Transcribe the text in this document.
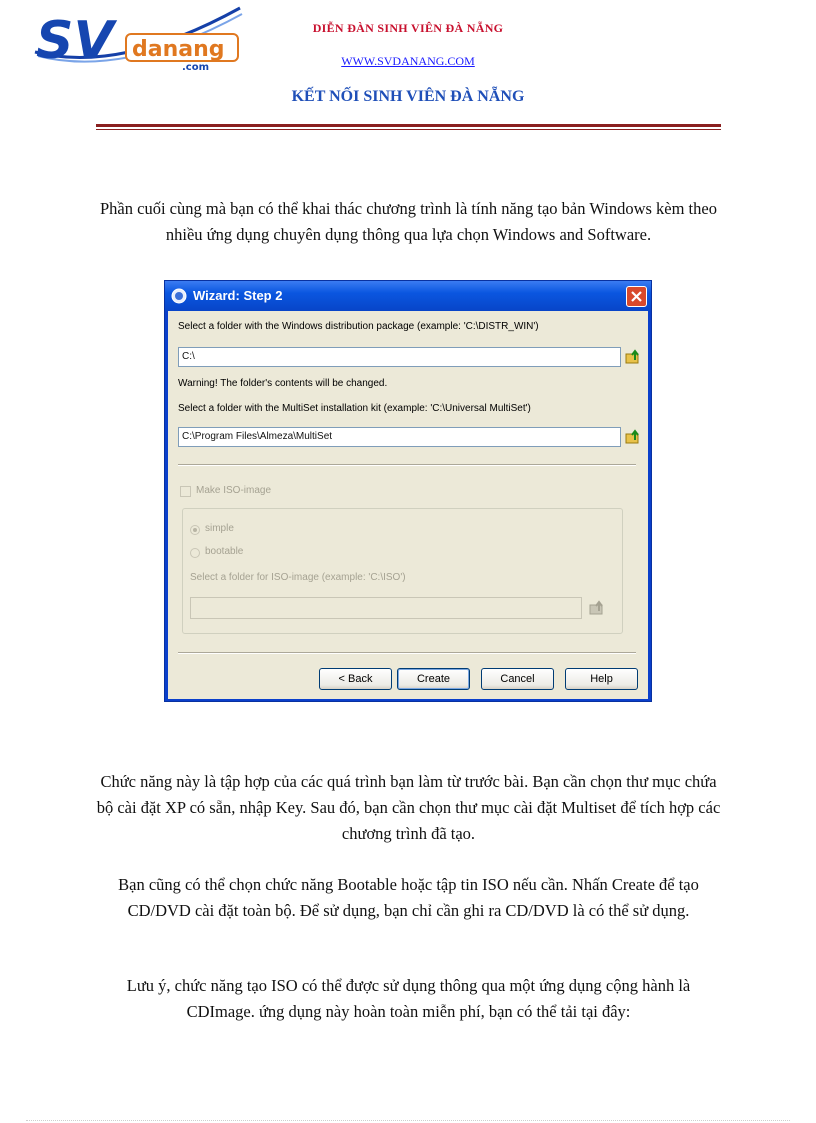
SV danang
.com
DIỄN ĐÀN SINH VIÊN ĐÀ NẴNG
WWW.SVDANANG.COM
KẾT NỐI SINH VIÊN ĐÀ NẴNG
Phần cuối cùng mà bạn có thể khai thác chương trình là tính năng tạo bản Windows kèm theo nhiều ứng dụng chuyên dụng thông qua lựa chọn Windows and Software.
Wizard: Step 2
Select a folder with the Windows distribution package (example: 'C:\DISTR_WIN')
C:\
Warning! The folder's contents will be changed.
Select a folder with the MultiSet installation kit (example: 'C:\Universal MultiSet')
C:\Program Files\Almeza\MultiSet
Make ISO-image
simple
bootable
Select a folder for ISO-image (example: 'C:\ISO')
< Back	Create	Cancel	Help
Chức năng này là tập hợp của các quá trình bạn làm từ trước bài. Bạn cần chọn thư mục chứa bộ cài đặt XP có sẵn, nhập Key. Sau đó, bạn cần chọn thư mục cài đặt Multiset để tích hợp các chương trình đã tạo.
Bạn cũng có thể chọn chức năng Bootable hoặc tập tin ISO nếu cần. Nhấn Create để tạo CD/DVD cài đặt toàn bộ. Để sử dụng, bạn chỉ cần ghi ra CD/DVD là có thể sử dụng.
Lưu ý, chức năng tạo ISO có thể được sử dụng thông qua một ứng dụng cộng hành là CDImage. ứng dụng này hoàn toàn miễn phí, bạn có thể tải tại đây:
